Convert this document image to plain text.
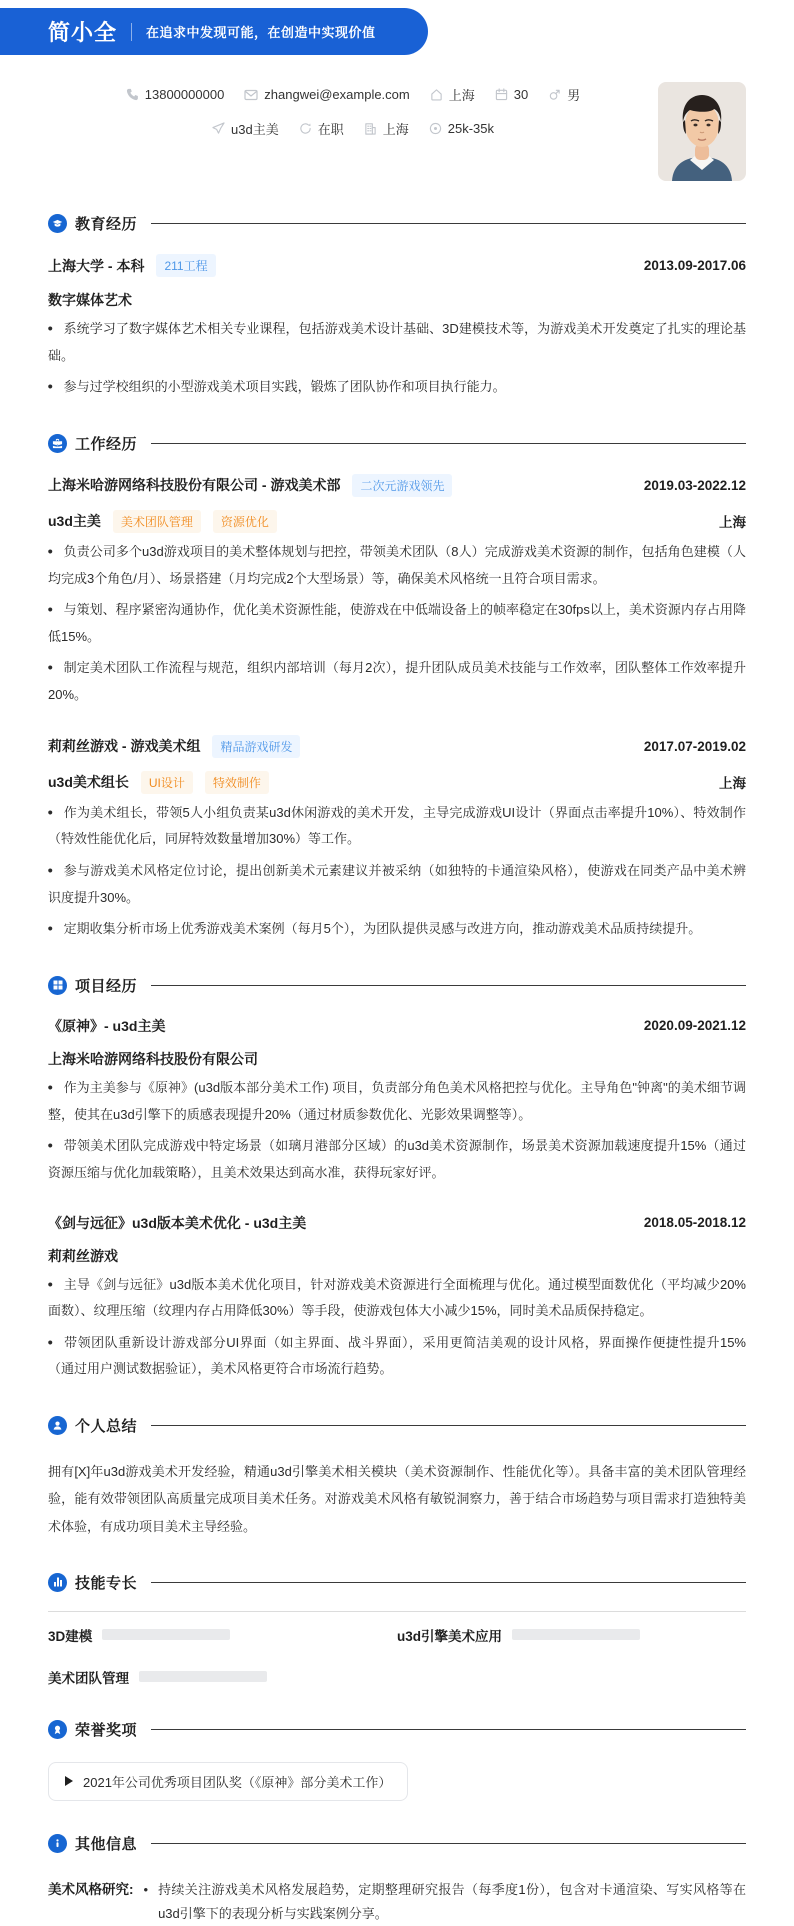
简小全 在追求中发现可能，在创造中实现价值
13800000000	zhangwei@example.com	上海	30	男
u3d主美	在职	上海	25k-35k
教育经历
上海大学 - 本科	211工程	2013.09-2017.06
数字媒体艺术

• 系统学习了数字媒体艺术相关专业课程，包括游戏美术设计基础、3D建模技术等，为游戏美术开发奠定了扎实的理论基础。

• 参与过学校组织的小型游戏美术项目实践，锻炼了团队协作和项目执行能力。

工作经历
上海米哈游网络科技股份有限公司 - 游戏美术部	二次元游戏领先	2019.03-2022.12
u3d主美	美术团队管理	资源优化	上海

• 负责公司多个u3d游戏项目的美术整体规划与把控，带领美术团队（8人）完成游戏美术资源的制作，包括角色建模（人均完成3个角色/月）、场景搭建（月均完成2个大型场景）等，确保美术风格统一且符合项目需求。

• 与策划、程序紧密沟通协作，优化美术资源性能，使游戏在中低端设备上的帧率稳定在30fps以上，美术资源内存占用降低15%。

• 制定美术团队工作流程与规范，组织内部培训（每月2次），提升团队成员美术技能与工作效率，团队整体工作效率提升20%。

莉莉丝游戏 - 游戏美术组	精品游戏研发	2017.07-2019.02
u3d美术组长	UI设计	特效制作	上海

• 作为美术组长，带领5人小组负责某u3d休闲游戏的美术开发，主导完成游戏UI设计（界面点击率提升10%）、特效制作（特效性能优化后，同屏特效数量增加30%）等工作。

• 参与游戏美术风格定位讨论，提出创新美术元素建议并被采纳（如独特的卡通渲染风格），使游戏在同类产品中美术辨识度提升30%。

• 定期收集分析市场上优秀游戏美术案例（每月5个），为团队提供灵感与改进方向，推动游戏美术品质持续提升。

项目经历
《原神》- u3d主美	2020.09-2021.12
上海米哈游网络科技股份有限公司

• 作为主美参与《原神》(u3d版本部分美术工作) 项目，负责部分角色美术风格把控与优化。主导角色"钟离"的美术细节调整，使其在u3d引擎下的质感表现提升20%（通过材质参数优化、光影效果调整等）。

• 带领美术团队完成游戏中特定场景（如璃月港部分区域）的u3d美术资源制作，场景美术资源加载速度提升15%（通过资源压缩与优化加载策略），且美术效果达到高水准，获得玩家好评。

《剑与远征》u3d版本美术优化 - u3d主美	2018.05-2018.12
莉莉丝游戏

• 主导《剑与远征》u3d版本美术优化项目，针对游戏美术资源进行全面梳理与优化。通过模型面数优化（平均减少20%面数）、纹理压缩（纹理内存占用降低30%）等手段，使游戏包体大小减少15%，同时美术品质保持稳定。

• 带领团队重新设计游戏部分UI界面（如主界面、战斗界面），采用更简洁美观的设计风格，界面操作便捷性提升15%（通过用户测试数据验证），美术风格更符合市场流行趋势。

个人总结

拥有[X]年u3d游戏美术开发经验，精通u3d引擎美术相关模块（美术资源制作、性能优化等）。具备丰富的美术团队管理经验，能有效带领团队高质量完成项目美术任务。对游戏美术风格有敏锐洞察力，善于结合市场趋势与项目需求打造独特美术体验，有成功项目美术主导经验。

技能专长
3D建模	u3d引擎美术应用
美术团队管理
荣誉奖项
2021年公司优秀项目团队奖（《原神》部分美术工作）
其他信息
美术风格研究: • 持续关注游戏美术风格发展趋势，定期整理研究报告（每季度1份），包含对卡通渲染、写实风格等在u3d引擎下的表现分析与实践案例分享。
